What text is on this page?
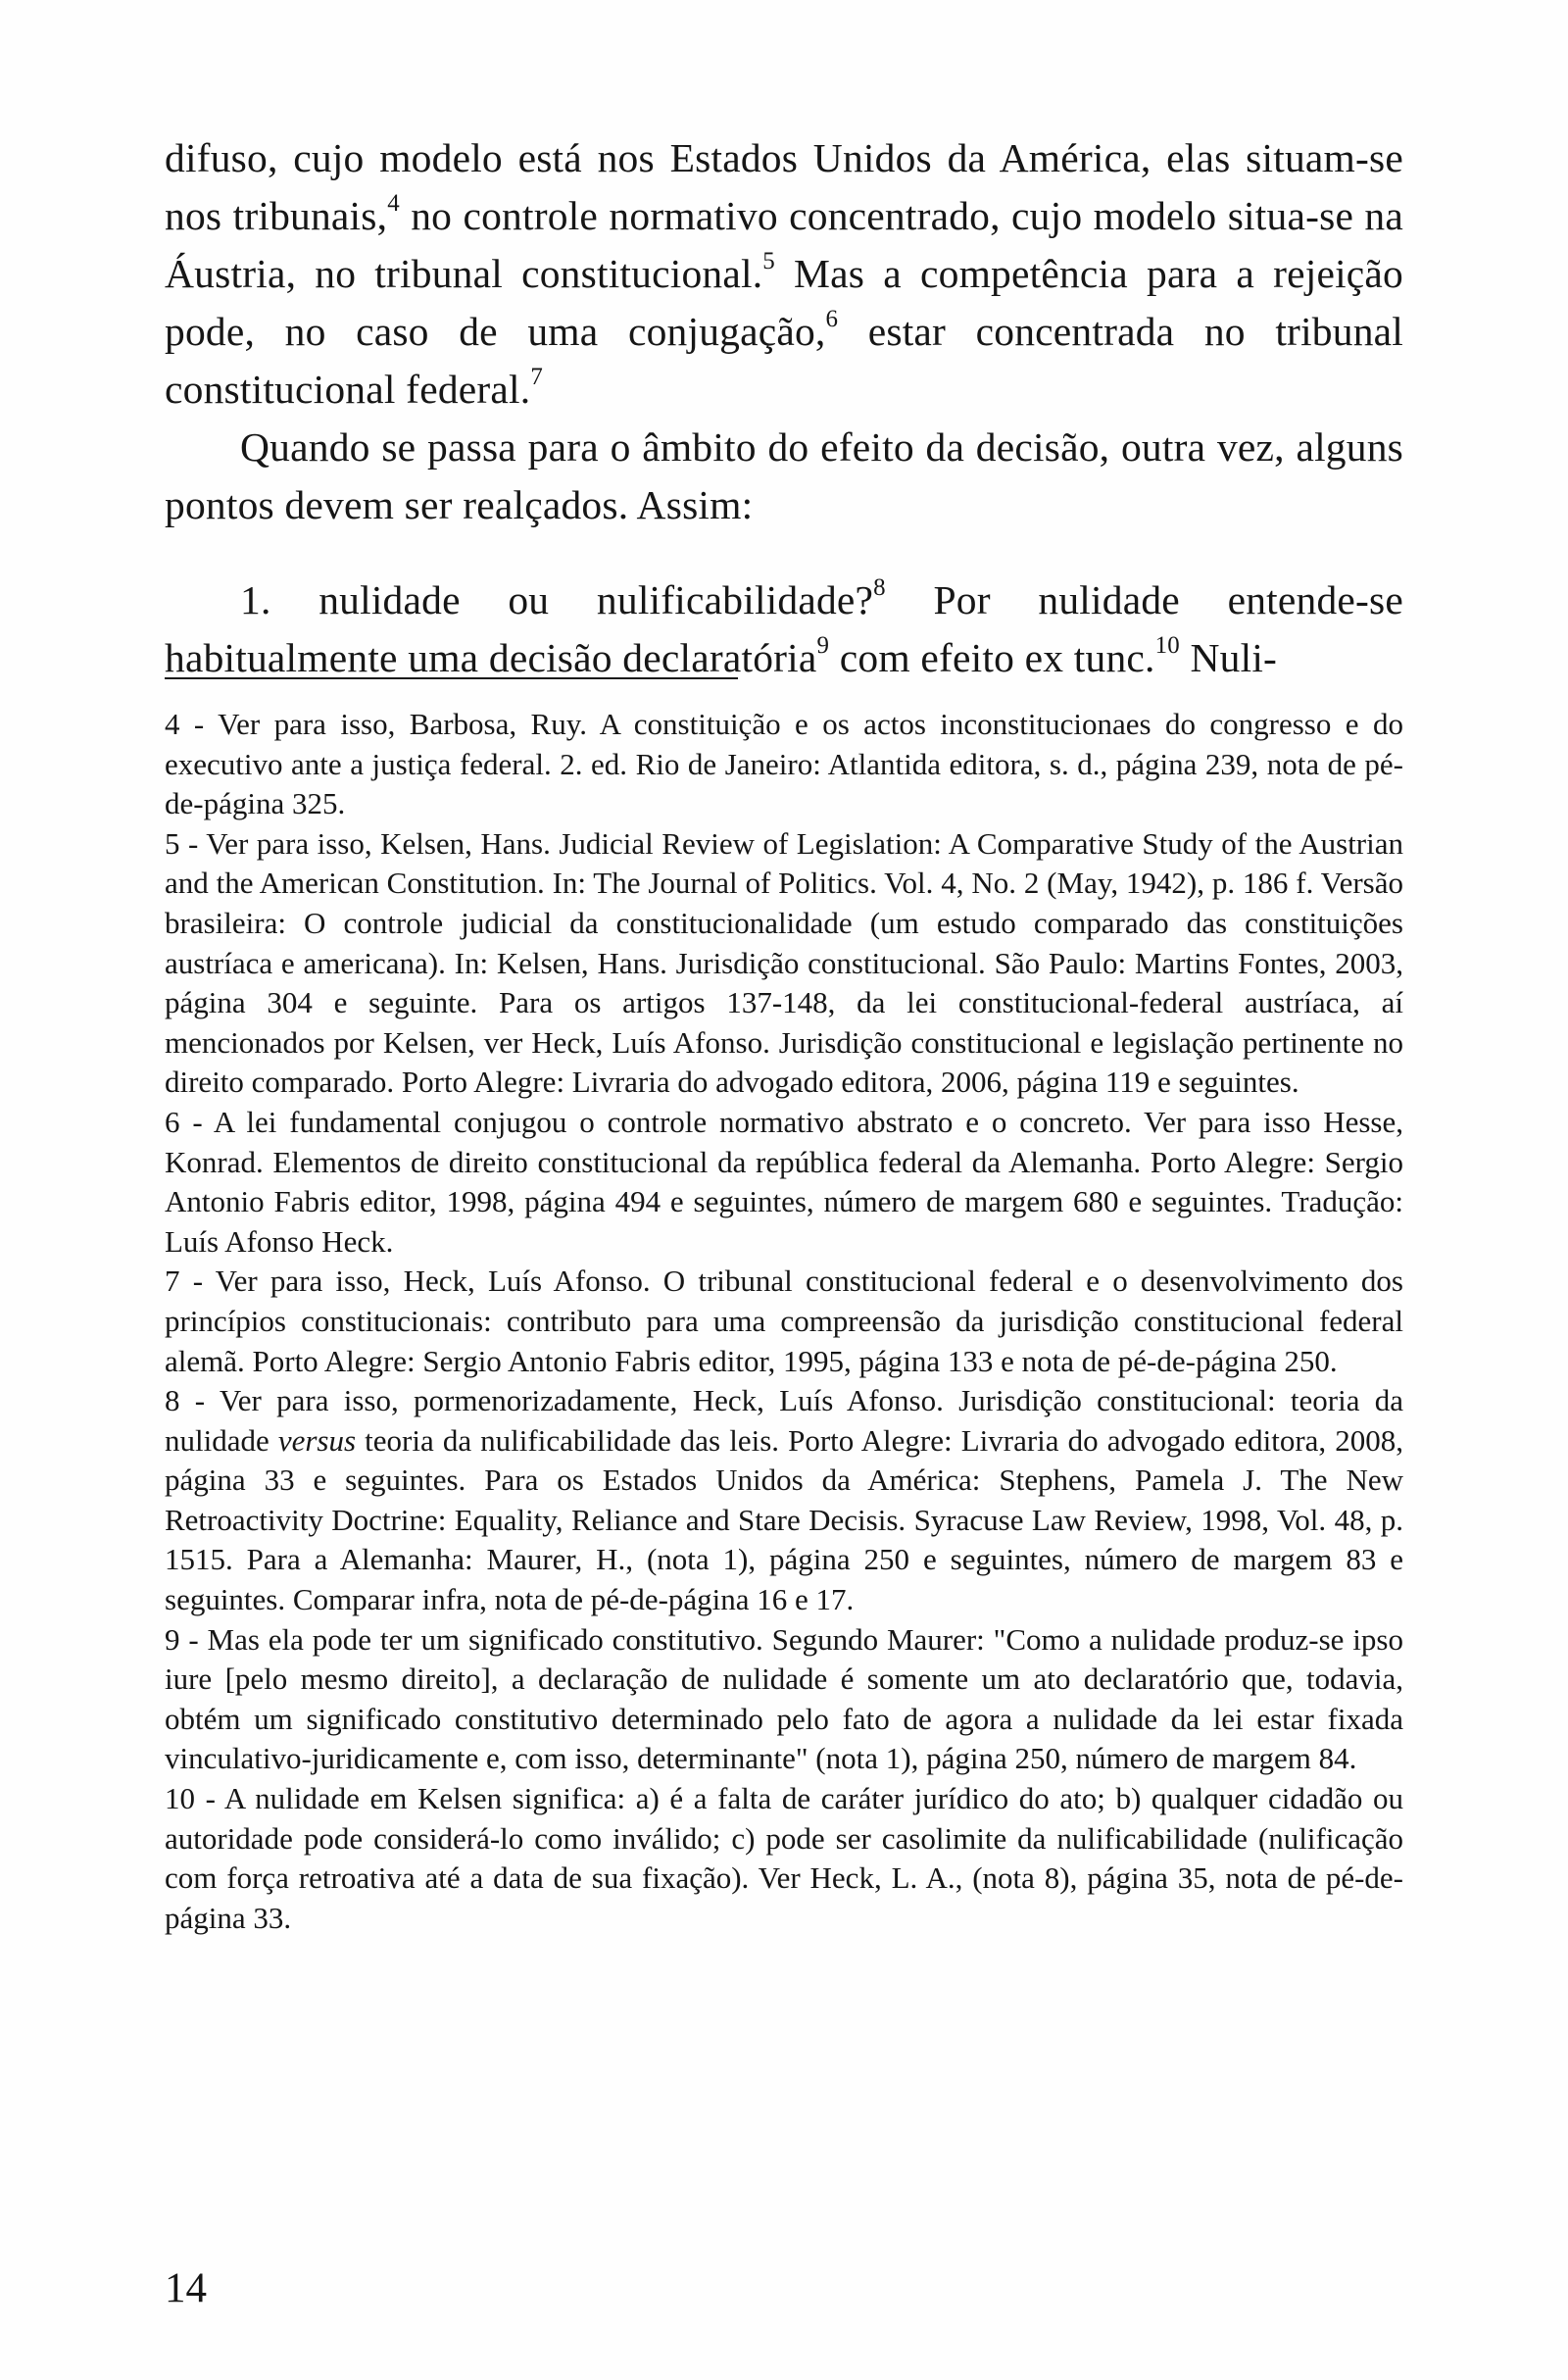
difuso, cujo modelo está nos Estados Unidos da América, elas situam-se nos tribunais,$^4$ no controle normativo concentrado, cujo modelo situa-se na Áustria, no tribunal constitucional.$^5$ Mas a competência para a rejeição pode, no caso de uma conjugação,$^6$ estar concentrada no tribunal constitucional federal.$^7$

Quando se passa para o âmbito do efeito da decisão, outra vez, alguns pontos devem ser realçados. Assim:

1. nulidade ou nulificabilidade?$^8$ Por nulidade entende-se habitualmente uma decisão declaratória$^9$ com efeito ex tunc.$^{10}$ Nuli-

4 - Ver para isso, Barbosa, Ruy. A constituição e os actos inconstitucionaes do congresso e do executivo ante a justiça federal. 2. ed. Rio de Janeiro: Atlantida editora, s. d., página 239, nota de pé-de-página 325.

5 - Ver para isso, Kelsen, Hans. Judicial Review of Legislation: A Comparative Study of the Austrian and the American Constitution. In: The Journal of Politics. Vol. 4, No. 2 (May, 1942), p. 186 f. Versão brasileira: O controle judicial da constitucionalidade (um estudo comparado das constituições austríaca e americana). In: Kelsen, Hans. Jurisdição constitucional. São Paulo: Martins Fontes, 2003, página 304 e seguinte. Para os artigos 137-148, da lei constitucional-federal austríaca, aí mencionados por Kelsen, ver Heck, Luís Afonso. Jurisdição constitucional e legislação pertinente no direito comparado. Porto Alegre: Livraria do advogado editora, 2006, página 119 e seguintes.

6 - A lei fundamental conjugou o controle normativo abstrato e o concreto. Ver para isso Hesse, Konrad. Elementos de direito constitucional da república federal da Alemanha. Porto Alegre: Sergio Antonio Fabris editor, 1998, página 494 e seguintes, número de margem 680 e seguintes. Tradução: Luís Afonso Heck.

7 - Ver para isso, Heck, Luís Afonso. O tribunal constitucional federal e o desenvolvimento dos princípios constitucionais: contributo para uma compreensão da jurisdição constitucional federal alemã. Porto Alegre: Sergio Antonio Fabris editor, 1995, página 133 e nota de pé-de-página 250.

8 - Ver para isso, pormenorizadamente, Heck, Luís Afonso. Jurisdição constitucional: teoria da nulidade versus teoria da nulificabilidade das leis. Porto Alegre: Livraria do advogado editora, 2008, página 33 e seguintes. Para os Estados Unidos da América: Stephens, Pamela J. The New Retroactivity Doctrine: Equality, Reliance and Stare Decisis. Syracuse Law Review, 1998, Vol. 48, p. 1515. Para a Alemanha: Maurer, H., (nota 1), página 250 e seguintes, número de margem 83 e seguintes. Comparar infra, nota de pé-de-página 16 e 17.

9 - Mas ela pode ter um significado constitutivo. Segundo Maurer: "Como a nulidade produz-se ipso iure [pelo mesmo direito], a declaração de nulidade é somente um ato declaratório que, todavia, obtém um significado constitutivo determinado pelo fato de agora a nulidade da lei estar fixada vinculativo-juridicamente e, com isso, determinante" (nota 1), página 250, número de margem 84.

10 - A nulidade em Kelsen significa: a) é a falta de caráter jurídico do ato; b) qualquer cidadão ou autoridade pode considerá-lo como inválido; c) pode ser casolimite da nulificabilidade (nulificação com força retroativa até a data de sua fixação). Ver Heck, L. A., (nota 8), página 35, nota de pé-de-página 33.

14
